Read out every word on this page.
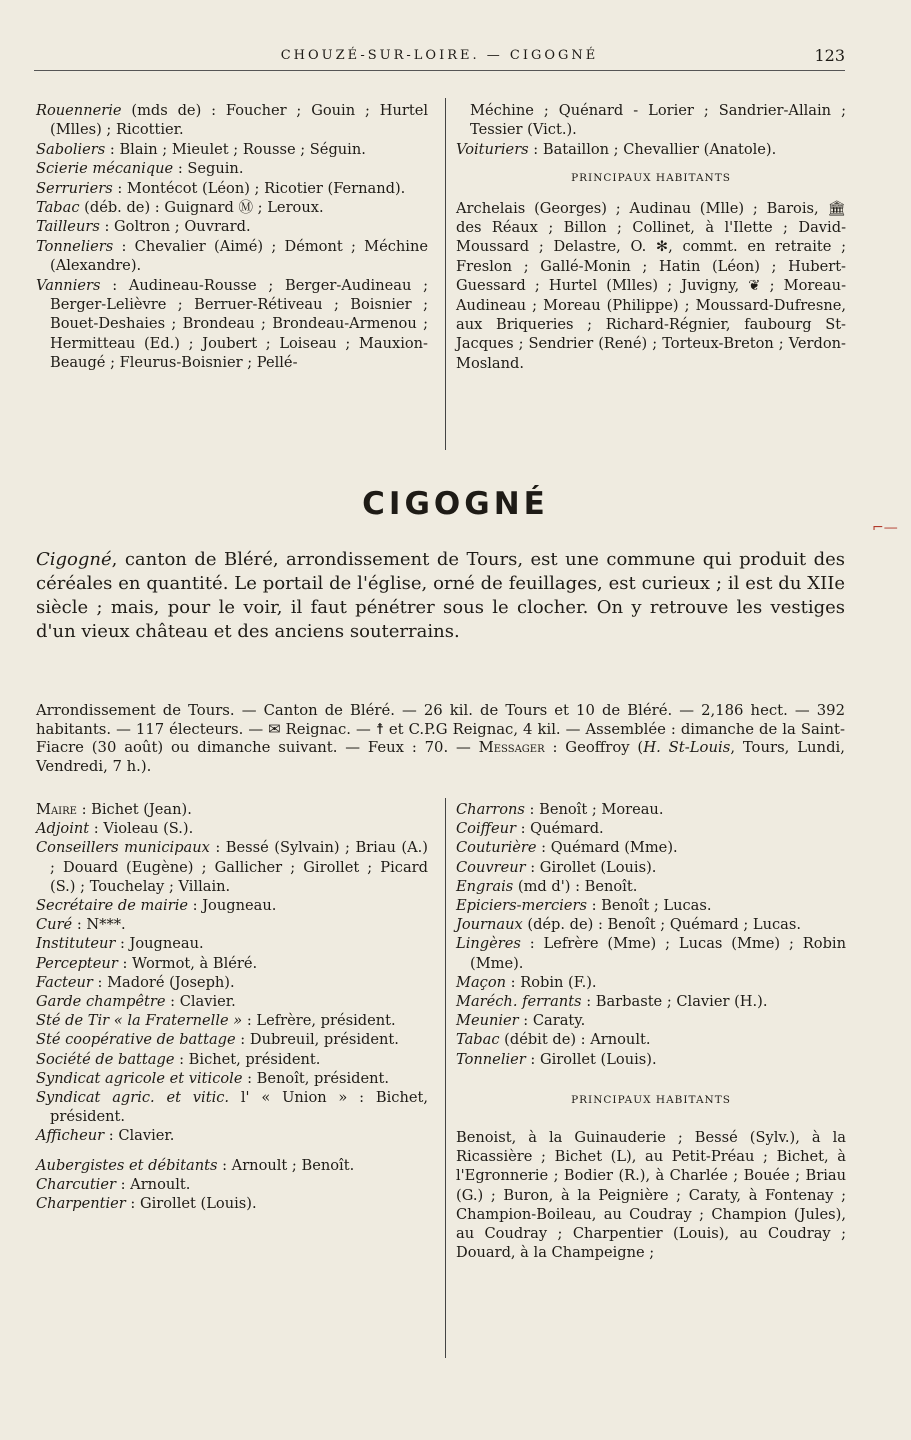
CHOUZÉ-SUR-LOIRE. — CIGOGNÉ	123

Rouennerie (mds de) : Foucher ; Gouin ; Hurtel (Mlles) ; Ricottier.

Saboliers : Blain ; Mieulet ; Rousse ; Séguin.

Scierie mécanique : Seguin.

Serruriers : Montécot (Léon) ; Ricotier (Fernand).

Tabac (déb. de) : Guignard Ⓜ ; Leroux.

Tailleurs : Goltron ; Ouvrard.

Tonneliers : Chevalier (Aimé) ; Démont ; Méchine (Alexandre).

Vanniers : Audineau-Rousse ; Berger-Audineau ; Berger-Lelièvre ; Berruer-Rétiveau ; Boisnier ; Bouet-Deshaies ; Brondeau ; Brondeau-Armenou ; Hermitteau (Ed.) ; Joubert ; Loiseau ; Mauxion-Beaugé ; Fleurus-Boisnier ; Pellé-

Méchine ; Quénard - Lorier ; Sandrier-Allain ; Tessier (Vict.).

Voituriers : Bataillon ; Chevallier (Anatole).

PRINCIPAUX HABITANTS

Archelais (Georges) ; Audinau (Mlle) ; Barois, 🏛 des Réaux ; Billon ; Collinet, à l'Ilette ; David-Moussard ; Delastre, O. ✻, commt. en retraite ; Freslon ; Gallé-Monin ; Hatin (Léon) ; Hubert-Guessard ; Hurtel (Mlles) ; Juvigny, ❦ ; Moreau-Audineau ; Moreau (Philippe) ; Moussard-Dufresne, aux Briqueries ; Richard-Régnier, faubourg St-Jacques ; Sendrier (René) ; Torteux-Breton ; Verdon-Mosland.

CIGOGNÉ
⌐—
Cigogné, canton de Bléré, arrondissement de Tours, est une commune qui produit des céréales en quantité. Le portail de l'église, orné de feuillages, est curieux ; il est du XIIe siècle ; mais, pour le voir, il faut pénétrer sous le clocher. On y retrouve les vestiges d'un vieux château et des anciens souterrains.
Arrondissement de Tours. — Canton de Bléré. — 26 kil. de Tours et 10 de Bléré. — 2,186 hect. — 392 habitants. — 117 électeurs. — ✉ Reignac. — ☨ et C.P.G Reignac, 4 kil. — Assemblée : dimanche de la Saint-Fiacre (30 août) ou dimanche suivant. — Feux : 70. — Messager : Geoffroy (H. St-Louis, Tours, Lundi, Vendredi, 7 h.).

Maire : Bichet (Jean).

Adjoint : Violeau (S.).

Conseillers municipaux : Bessé (Sylvain) ; Briau (A.) ; Douard (Eugène) ; Gallicher ; Girollet ; Picard (S.) ; Touchelay ; Villain.

Secrétaire de mairie : Jougneau.

Curé : N***.

Instituteur : Jougneau.

Percepteur : Wormot, à Bléré.

Facteur : Madoré (Joseph).

Garde champêtre : Clavier.

Sté de Tir « la Fraternelle » : Lefrère, président.

Sté coopérative de battage : Dubreuil, président.

Société de battage : Bichet, président.

Syndicat agricole et viticole : Benoît, président.

Syndicat agric. et vitic. l' « Union » : Bichet, président.

Afficheur : Clavier.

Aubergistes et débitants : Arnoult ; Benoît.

Charcutier : Arnoult.

Charpentier : Girollet (Louis).

Charrons : Benoît ; Moreau.

Coiffeur : Quémard.

Couturière : Quémard (Mme).

Couvreur : Girollet (Louis).

Engrais (md d') : Benoît.

Epiciers-merciers : Benoît ; Lucas.

Journaux (dép. de) : Benoît ; Quémard ; Lucas.

Lingères : Lefrère (Mme) ; Lucas (Mme) ; Robin (Mme).

Maçon : Robin (F.).

Maréch. ferrants : Barbaste ; Clavier (H.).

Meunier : Caraty.

Tabac (débit de) : Arnoult.

Tonnelier : Girollet (Louis).

PRINCIPAUX HABITANTS

Benoist, à la Guinauderie ; Bessé (Sylv.), à la Ricassière ; Bichet (L), au Petit-Préau ; Bichet, à l'Egronnerie ; Bodier (R.), à Charlée ; Bouée ; Briau (G.) ; Buron, à la Peignière ; Caraty, à Fontenay ; Champion-Boileau, au Coudray ; Champion (Jules), au Coudray ; Charpentier (Louis), au Coudray ; Douard, à la Champeigne ;
